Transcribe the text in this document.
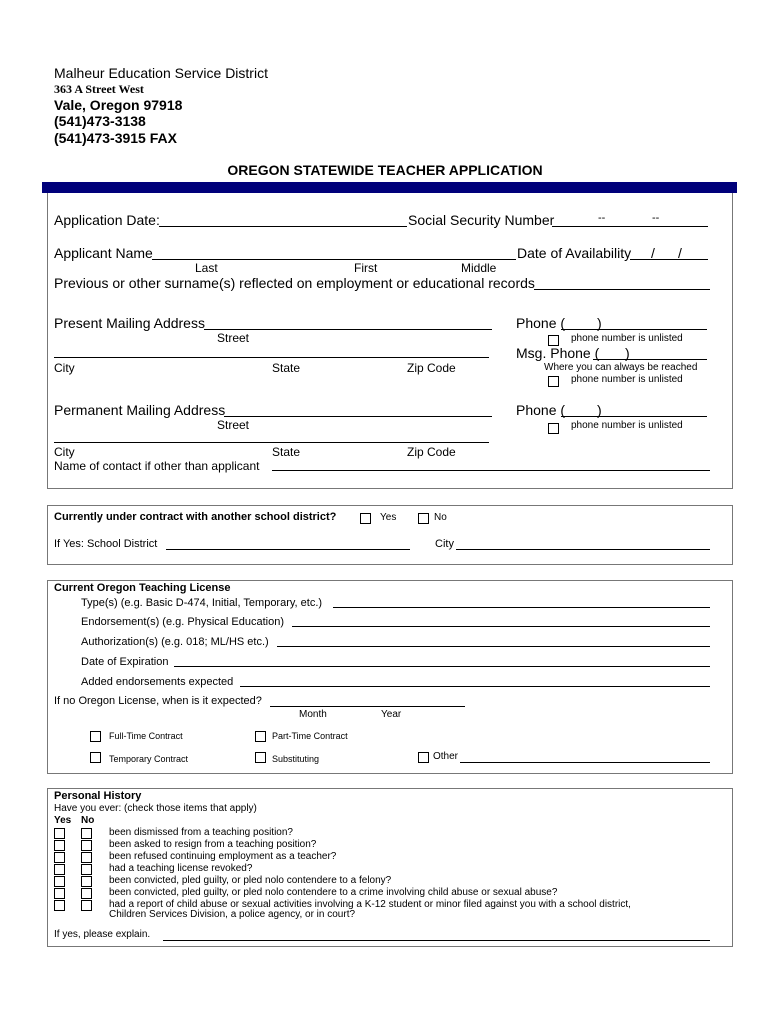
Malheur Education Service District
363 A Street West
Vale, Oregon 97918
(541)473-3138
(541)473-3915 FAX
OREGON STATEWIDE TEACHER APPLICATION
Application Date:	Social Security Number	--	--
Applicant Name
Last	First	Middle
Date of Availability / /
Previous or other surname(s) reflected on employment or educational records
Present Mailing Address
Street
City	State	Zip Code
Phone ( )
phone number is unlisted
Msg. Phone ( )
Where you can always be reached
phone number is unlisted
Permanent Mailing Address
Street
City	State	Zip Code
Phone ( )
phone number is unlisted
Name of contact if other than applicant
Currently under contract with another school district?	Yes	No
If Yes: School District	City
Current Oregon Teaching License
Type(s) (e.g. Basic D-474, Initial, Temporary, etc.)
Endorsement(s) (e.g. Physical Education)
Authorization(s) (e.g. 018; ML/HS etc.)
Date of Expiration
Added endorsements expected
If no Oregon License, when is it expected?
Month	Year
Full-Time Contract	Part-Time Contract
Temporary Contract	Substituting	Other
Personal History
Have you ever: (check those items that apply)
Yes No
been dismissed from a teaching position?
been asked to resign from a teaching position?
been refused continuing employment as a teacher?
had a teaching license revoked?
been convicted, pled guilty, or pled nolo contendere to a felony?
been convicted, pled guilty, or pled nolo contendere to a crime involving child abuse or sexual abuse?
had a report of child abuse or sexual activities involving a K-12 student or minor filed against you with a school district,
Children Services Division, a police agency, or in court?
If yes, please explain.
